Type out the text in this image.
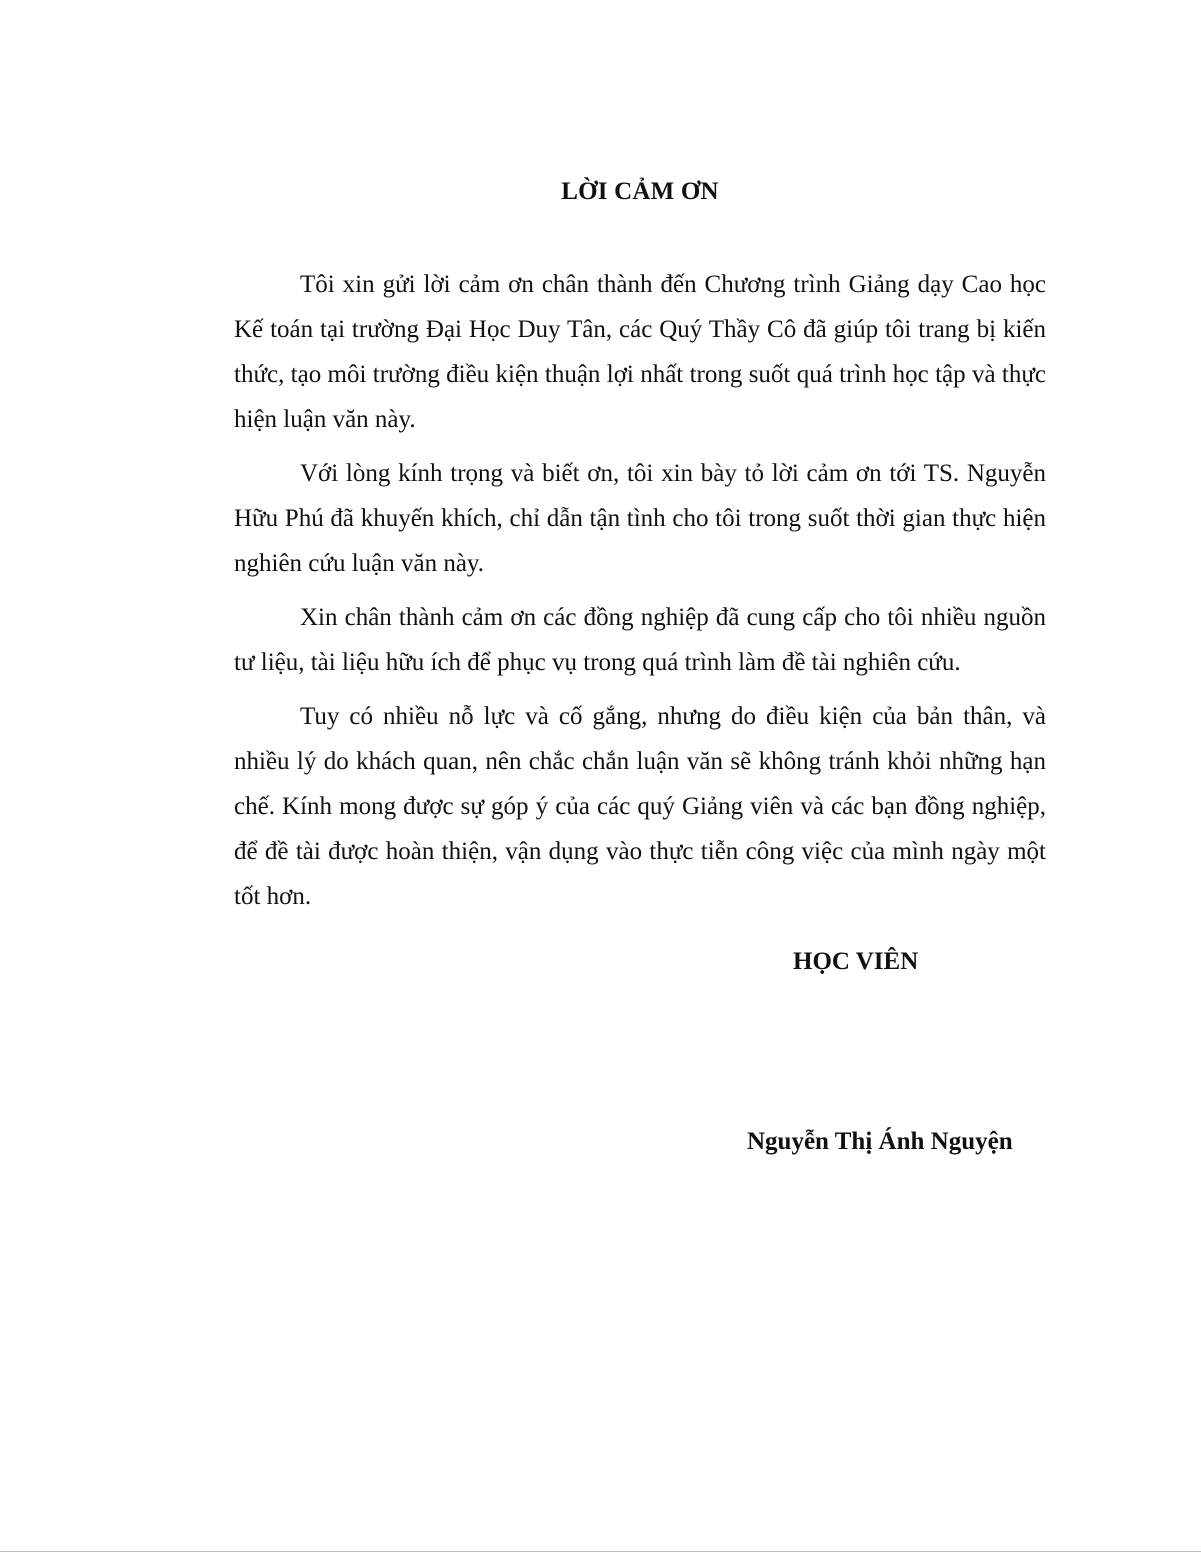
LỜI CẢM ƠN

Tôi xin gửi lời cảm ơn chân thành đến Chương trình Giảng dạy Cao học Kế toán tại trường Đại Học Duy Tân, các Quý Thầy Cô đã giúp tôi trang bị kiến thức, tạo môi trường điều kiện thuận lợi nhất trong suốt quá trình học tập và thực hiện luận văn này.

Với lòng kính trọng và biết ơn, tôi xin bày tỏ lời cảm ơn tới TS. Nguyễn Hữu Phú đã khuyến khích, chỉ dẫn tận tình cho tôi trong suốt thời gian thực hiện nghiên cứu luận văn này.

Xin chân thành cảm ơn các đồng nghiệp đã cung cấp cho tôi nhiều nguồn tư liệu, tài liệu hữu ích để phục vụ trong quá trình làm đề tài nghiên cứu.

Tuy có nhiều nỗ lực và cố gắng, nhưng do điều kiện của bản thân, và nhiều lý do khách quan, nên chắc chắn luận văn sẽ không tránh khỏi những hạn chế. Kính mong được sự góp ý của các quý Giảng viên và các bạn đồng nghiệp, để đề tài được hoàn thiện, vận dụng vào thực tiễn công việc của mình ngày một tốt hơn.

HỌC VIÊN
Nguyễn Thị Ánh Nguyện
